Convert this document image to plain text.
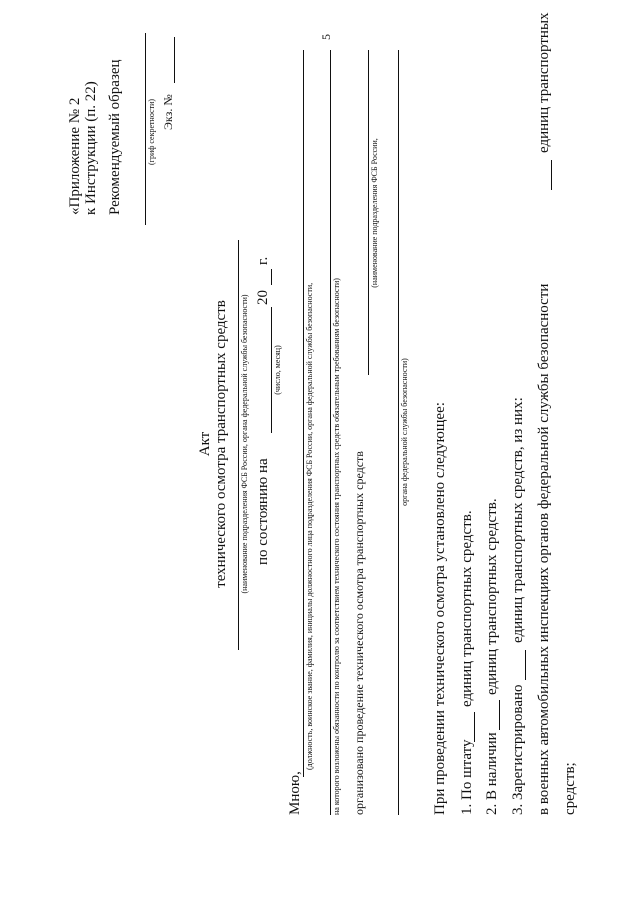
5
«Приложение № 2 к Инструкции (п. 22) Рекомендуемый образец	(гриф секретности) Экз. №
Акт технического осмотра транспортных средств (наименование подразделения ФСБ России, органа федеральной службы безопасности) по состоянию на
20
г.
(число, месяц)
Мною,
(должность, воинское звание, фамилия, инициалы должностного лица подразделения ФСБ России, органа федеральной службы безопасности, на которого возложены обязанности по контролю за соответствием технического состояния транспортных средств обязательным требованиям безопасности) организовано проведение технического осмотра транспортных средств
(наименование подразделения ФСБ России,
органа федеральной службы безопасности) При проведении технического осмотра установлено следующее: 1. По штату
единиц транспортных средств.
2. В наличии
единиц транспортных средств.
3. Зарегистрировано
единиц транспортных средств, из них: в военных автомобильных инспекциях органов федеральной службы безопасности
единиц транспортных
средств;
